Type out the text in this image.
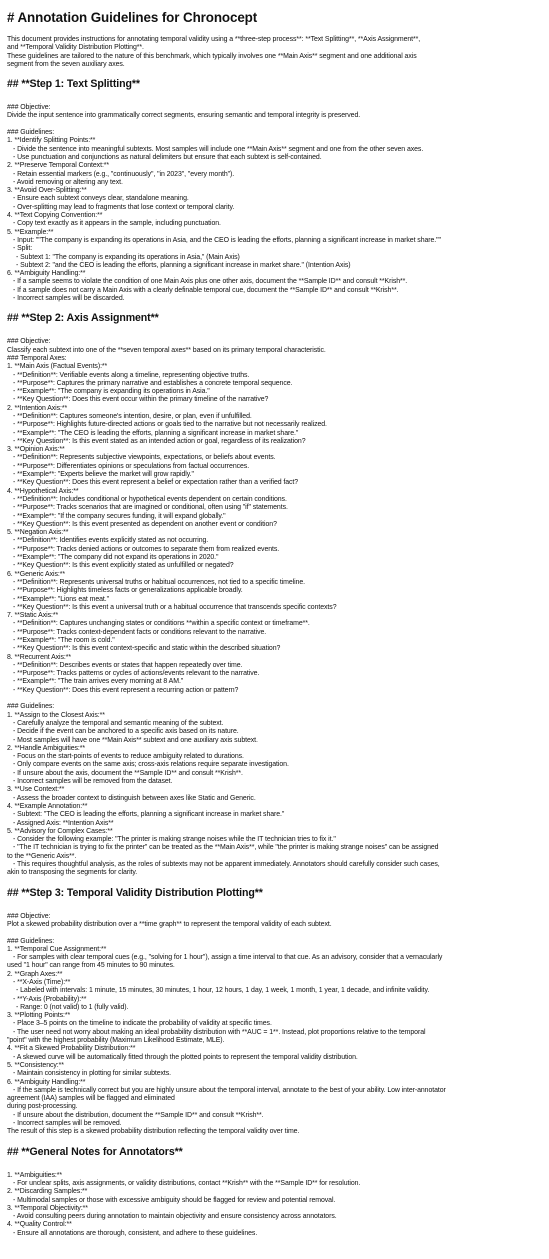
# Annotation Guidelines for Chronocept

This document provides instructions for annotating temporal validity using a **three-step process**: **Text Splitting**, **Axis Assignment**,

and **Temporal Validity Distribution Plotting**.

These guidelines are tailored to the nature of this benchmark, which typically involves one **Main Axis** segment and one additional axis

segment from the seven auxiliary axes.

## **Step 1: Text Splitting**

### Objective:

Divide the input sentence into grammatically correct segments, ensuring semantic and temporal integrity is preserved.

### Guidelines:

1. **Identify Splitting Points:**

- Divide the sentence into meaningful subtexts. Most samples will include one **Main Axis** segment and one from the other seven axes.

- Use punctuation and conjunctions as natural delimiters but ensure that each subtext is self-contained.

2. **Preserve Temporal Context:**

- Retain essential markers (e.g., "continuously", "in 2023", "every month").

- Avoid removing or altering any text.

3. **Avoid Over-Splitting:**

- Ensure each subtext conveys clear, standalone meaning.

- Over-splitting may lead to fragments that lose context or temporal clarity.

4. **Text Copying Convention:**

- Copy text exactly as it appears in the sample, including punctuation.

5. **Example:**

- Input: ""The company is expanding its operations in Asia, and the CEO is leading the efforts, planning a significant increase in market share.""

- Split:

- Subtext 1: "The company is expanding its operations in Asia," (Main Axis)

- Subtext 2: "and the CEO is leading the efforts, planning a significant increase in market share." (Intention Axis)

6. **Ambiguity Handling:**

- If a sample seems to violate the condition of one Main Axis plus one other axis, document the **Sample ID** and consult **Krish**.

- If a sample does not carry a Main Axis with a clearly definable temporal cue, document the **Sample ID** and consult **Krish**.

- Incorrect samples will be discarded.

## **Step 2: Axis Assignment**

### Objective:

Classify each subtext into one of the **seven temporal axes** based on its primary temporal characteristic.

### Temporal Axes:

1. **Main Axis (Factual Events):**

- **Definition**: Verifiable events along a timeline, representing objective truths.

- **Purpose**: Captures the primary narrative and establishes a concrete temporal sequence.

- **Example**: "The company is expanding its operations in Asia."

- **Key Question**: Does this event occur within the primary timeline of the narrative?

2. **Intention Axis:**

- **Definition**: Captures someone's intention, desire, or plan, even if unfulfilled.

- **Purpose**: Highlights future-directed actions or goals tied to the narrative but not necessarily realized.

- **Example**: "The CEO is leading the efforts, planning a significant increase in market share."

- **Key Question**: Is this event stated as an intended action or goal, regardless of its realization?

3. **Opinion Axis:**

- **Definition**: Represents subjective viewpoints, expectations, or beliefs about events.

- **Purpose**: Differentiates opinions or speculations from factual occurrences.

- **Example**: "Experts believe the market will grow rapidly."

- **Key Question**: Does this event represent a belief or expectation rather than a verified fact?

4. **Hypothetical Axis:**

- **Definition**: Includes conditional or hypothetical events dependent on certain conditions.

- **Purpose**: Tracks scenarios that are imagined or conditional, often using "if" statements.

- **Example**: "If the company secures funding, it will expand globally."

- **Key Question**: Is this event presented as dependent on another event or condition?

5. **Negation Axis:**

- **Definition**: Identifies events explicitly stated as not occurring.

- **Purpose**: Tracks denied actions or outcomes to separate them from realized events.

- **Example**: "The company did not expand its operations in 2020."

- **Key Question**: Is this event explicitly stated as unfulfilled or negated?

6. **Generic Axis:**

- **Definition**: Represents universal truths or habitual occurrences, not tied to a specific timeline.

- **Purpose**: Highlights timeless facts or generalizations applicable broadly.

- **Example**: "Lions eat meat."

- **Key Question**: Is this event a universal truth or a habitual occurrence that transcends specific contexts?

7. **Static Axis:**

- **Definition**: Captures unchanging states or conditions **within a specific context or timeframe**.

- **Purpose**: Tracks context-dependent facts or conditions relevant to the narrative.

- **Example**: "The room is cold."

- **Key Question**: Is this event context-specific and static within the described situation?

8. **Recurrent Axis:**

- **Definition**: Describes events or states that happen repeatedly over time.

- **Purpose**: Tracks patterns or cycles of actions/events relevant to the narrative.

- **Example**: "The train arrives every morning at 8 AM."

- **Key Question**: Does this event represent a recurring action or pattern?

### Guidelines:

1. **Assign to the Closest Axis:**

- Carefully analyze the temporal and semantic meaning of the subtext.

- Decide if the event can be anchored to a specific axis based on its nature.

- Most samples will have one **Main Axis** subtext and one auxiliary axis subtext.

2. **Handle Ambiguities:**

- Focus on the start-points of events to reduce ambiguity related to durations.

- Only compare events on the same axis; cross-axis relations require separate investigation.

- If unsure about the axis, document the **Sample ID** and consult **Krish**.

- Incorrect samples will be removed from the dataset.

3. **Use Context:**

- Assess the broader context to distinguish between axes like Static and Generic.

4. **Example Annotation:**

- Subtext: "The CEO is leading the efforts, planning a significant increase in market share."

- Assigned Axis: **Intention Axis**

5. **Advisory for Complex Cases:**

- Consider the following example: "The printer is making strange noises while the IT technician tries to fix it."

- "The IT technician is trying to fix the printer" can be treated as the **Main Axis**, while "the printer is making strange noises" can be assigned

to the **Generic Axis**.

- This requires thoughtful analysis, as the roles of subtexts may not be apparent immediately. Annotators should carefully consider such cases,

akin to transposing the segments for clarity.

## **Step 3: Temporal Validity Distribution Plotting**

### Objective:

Plot a skewed probability distribution over a **time graph** to represent the temporal validity of each subtext.

### Guidelines:

1. **Temporal Cue Assignment:**

- For samples with clear temporal cues (e.g., "solving for 1 hour"), assign a time interval to that cue. As an advisory, consider that a vernacularly

used "1 hour" can range from 45 minutes to 90 minutes.

2. **Graph Axes:**

- **X-Axis (Time):**

- Labeled with intervals: 1 minute, 15 minutes, 30 minutes, 1 hour, 12 hours, 1 day, 1 week, 1 month, 1 year, 1 decade, and infinite validity.

- **Y-Axis (Probability):**

- Range: 0 (not valid) to 1 (fully valid).

3. **Plotting Points:**

- Place 3–5 points on the timeline to indicate the probability of validity at specific times.

- The user need not worry about making an ideal probability distribution with **AUC = 1**. Instead, plot proportions relative to the temporal

"point" with the highest probability (Maximum Likelihood Estimate, MLE).

4. **Fit a Skewed Probability Distribution:**

- A skewed curve will be automatically fitted through the plotted points to represent the temporal validity distribution.

5. **Consistency:**

- Maintain consistency in plotting for similar subtexts.

6. **Ambiguity Handling:**

- If the sample is technically correct but you are highly unsure about the temporal interval, annotate to the best of your ability. Low inter-annotator

agreement (IAA) samples will be flagged and eliminated

during post-processing.

- If unsure about the distribution, document the **Sample ID** and consult **Krish**.

- Incorrect samples will be removed.

The result of this step is a skewed probability distribution reflecting the temporal validity over time.

## **General Notes for Annotators**

1. **Ambiguities:**

- For unclear splits, axis assignments, or validity distributions, contact **Krish** with the **Sample ID** for resolution.

2. **Discarding Samples:**

- Multimodal samples or those with excessive ambiguity should be flagged for review and potential removal.

3. **Temporal Objectivity:**

- Avoid consulting peers during annotation to maintain objectivity and ensure consistency across annotators.

4. **Quality Control:**

- Ensure all annotations are thorough, consistent, and adhere to these guidelines.
